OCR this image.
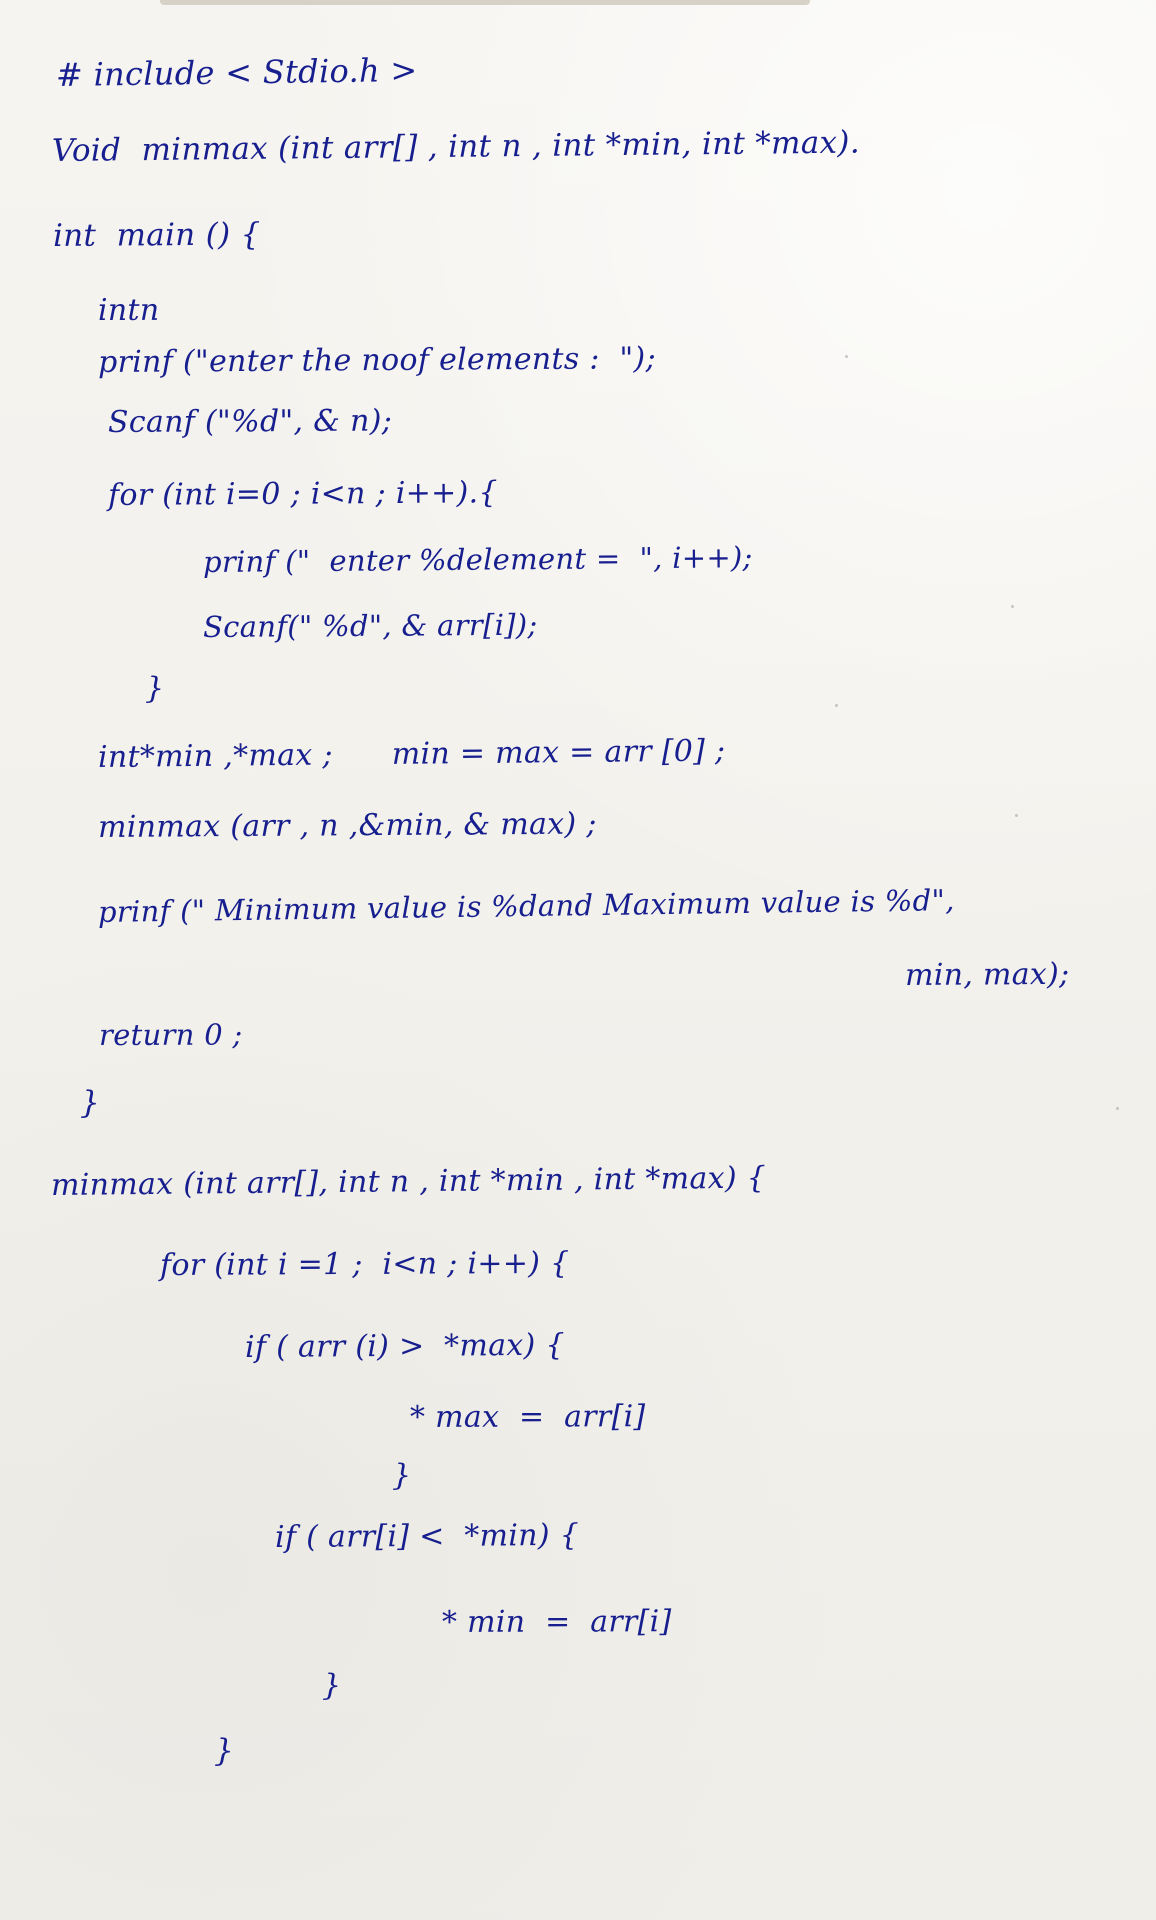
# include < Stdio.h >
Void  minmax (int arr[] , int n , int *min, int *max).
int  main () {
intn
prinf ("enter the noof elements :  ");
Scanf ("%d", & n);
for (int i=0 ; i<n ; i++).{
prinf ("  enter %delement =  ", i++);
Scanf(" %d", & arr[i]);
}
int*min ,*max ;      min = max = arr [0] ;
minmax (arr , n ,&min, & max) ;
prinf (" Minimum value is %dand Maximum value is %d",
min, max);
return 0 ;
}
minmax (int arr[], int n , int *min , int *max) {
for (int i =1 ;  i<n ; i++) {
if ( arr (i) >  *max) {
* max  =  arr[i]
}
if ( arr[i] <  *min) {
* min  =  arr[i]
}
}
